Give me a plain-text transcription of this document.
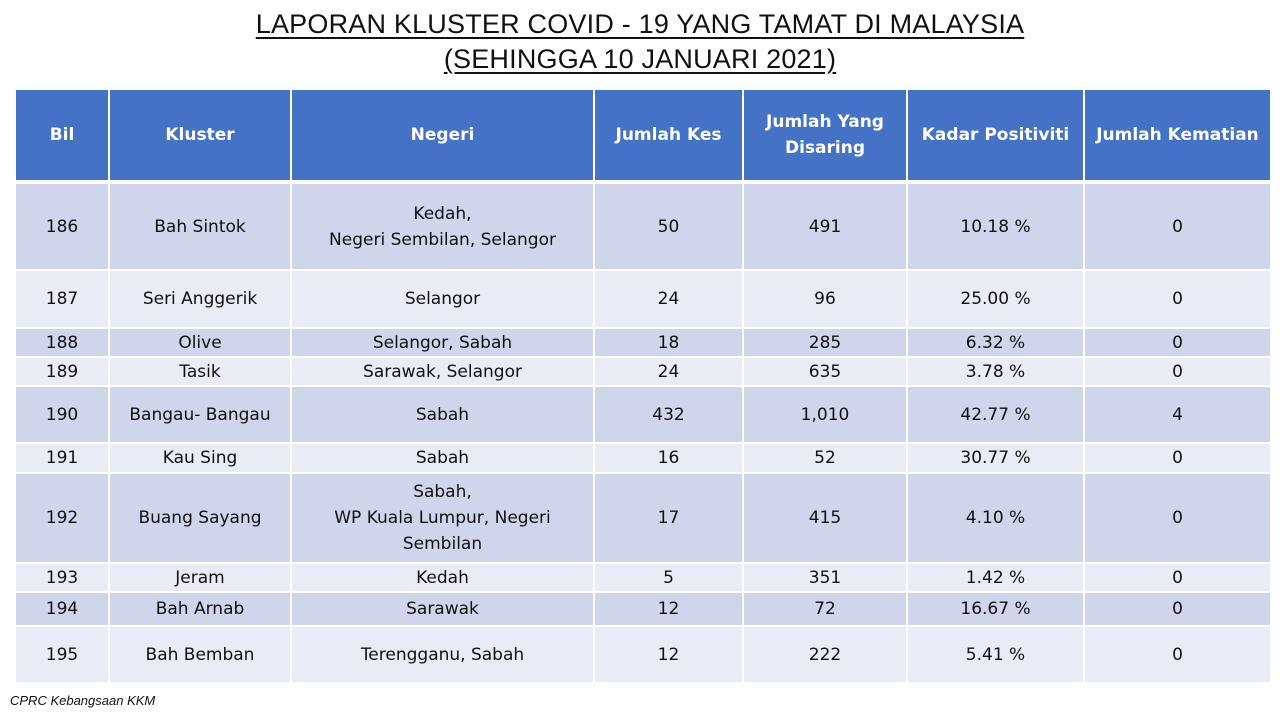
LAPORAN KLUSTER COVID - 19 YANG TAMAT DI MALAYSIA
(SEHINGGA 10 JANUARI 2021)
Bil	Kluster	Negeri	Jumlah Kes	Jumlah Yang
Disaring	Kadar Positiviti	Jumlah Kematian
186	Bah Sintok	Kedah,
Negeri Sembilan, Selangor	50	491	10.18 %	0
187	Seri Anggerik	Selangor	24	96	25.00 %	0
188	Olive	Selangor, Sabah	18	285	6.32 %	0
189	Tasik	Sarawak, Selangor	24	635	3.78 %	0
190	Bangau- Bangau	Sabah	432	1,010	42.77 %	4
191	Kau Sing	Sabah	16	52	30.77 %	0
192	Buang Sayang	Sabah,
WP Kuala Lumpur, Negeri
Sembilan	17	415	4.10 %	0
193	Jeram	Kedah	5	351	1.42 %	0
194	Bah Arnab	Sarawak	12	72	16.67 %	0
195	Bah Bemban	Terengganu, Sabah	12	222	5.41 %	0
CPRC Kebangsaan KKM
